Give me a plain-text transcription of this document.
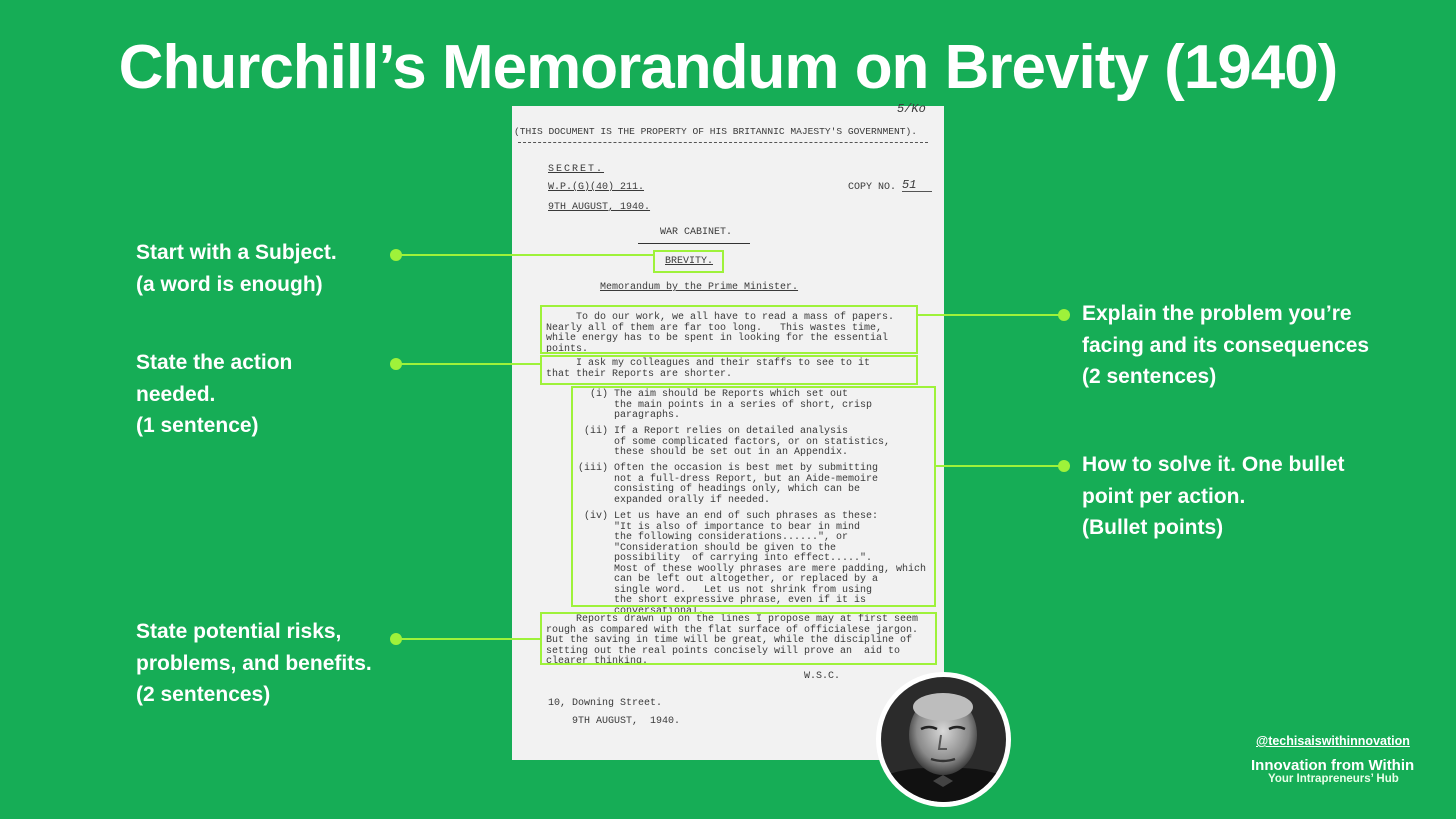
Churchill’s Memorandum on Brevity (1940)
5/Ko
(THIS DOCUMENT IS THE PROPERTY OF HIS BRITANNIC MAJESTY'S GOVERNMENT).
SECRET.
W.P.(G)(40) 211.	COPY NO. 51
9TH AUGUST, 1940.
WAR CABINET.
BREVITY.
Memorandum by the Prime Minister.
To do our work, we all have to read a mass of papers.
Nearly all of them are far too long.   This wastes time,
while energy has to be spent in looking for the essential
points.
I ask my colleagues and their staffs to see to it
that their Reports are shorter.
(i) The aim should be Reports which set out
the main points in a series of short, crisp
paragraphs.
(ii) If a Report relies on detailed analysis
of some complicated factors, or on statistics,
these should be set out in an Appendix.
(iii) Often the occasion is best met by submitting
not a full-dress Report, but an Aide-memoire
consisting of headings only, which can be
expanded orally if needed.
(iv) Let us have an end of such phrases as these:
"It is also of importance to bear in mind
the following considerations......", or
"Consideration should be given to the
possibility  of carrying into effect.....".
Most of these woolly phrases are mere padding, which
can be left out altogether, or replaced by a
single word.   Let us not shrink from using
the short expressive phrase, even if it is
conversational.
Reports drawn up on the lines I propose may at first seem
rough as compared with the flat surface of officialese jargon.
But the saving in time will be great, while the discipline of
setting out the real points concisely will prove an  aid to
clearer thinking.
W.S.C.
10, Downing Street.
9TH AUGUST,  1940.
Start with a Subject.
(a word is enough)
State the action
needed.
(1 sentence)
State potential risks,
problems, and benefits.
(2 sentences)
Explain the problem you’re
facing and its consequences
(2 sentences)
How to solve it. One bullet
point per action.
(Bullet points)
@techisaiswithinnovation
Innovation from Within
Your Intrapreneurs’ Hub
